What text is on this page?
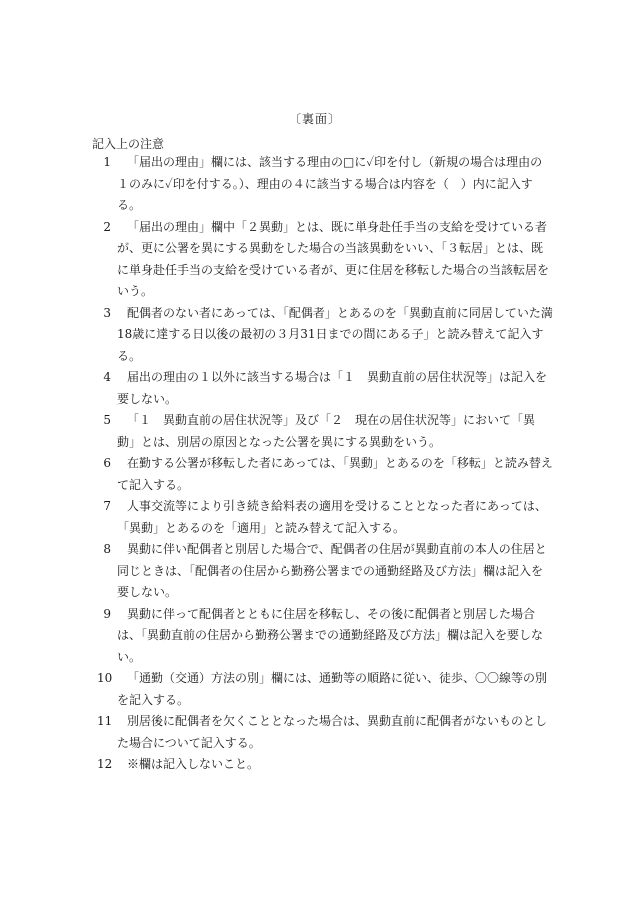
〔裏面〕
記入上の注意
1	「届出の理由」欄には、該当する理由の□に✓印を付し（新規の場合は理由の１のみに✓印を付する。）、理由の４に該当する場合は内容を（　）内に記入する。
2	「届出の理由」欄中「２異動」とは、既に単身赴任手当の支給を受けている者が、更に公署を異にする異動をした場合の当該異動をいい、「３転居」とは、既に単身赴任手当の支給を受けている者が、更に住居を移転した場合の当該転居をいう。
3	配偶者のない者にあっては、「配偶者」とあるのを「異動直前に同居していた満18歳に達する日以後の最初の３月31日までの間にある子」と読み替えて記入する。
4	届出の理由の１以外に該当する場合は「１　異動直前の居住状況等」は記入を要しない。
5	「１　異動直前の居住状況等」及び「２　現在の居住状況等」において「異動」とは、別居の原因となった公署を異にする異動をいう。
6	在勤する公署が移転した者にあっては、「異動」とあるのを「移転」と読み替えて記入する。
7	人事交流等により引き続き給料表の適用を受けることとなった者にあっては、「異動」とあるのを「適用」と読み替えて記入する。
8	異動に伴い配偶者と別居した場合で、配偶者の住居が異動直前の本人の住居と同じときは、「配偶者の住居から勤務公署までの通勤経路及び方法」欄は記入を要しない。
9	異動に伴って配偶者とともに住居を移転し、その後に配偶者と別居した場合は、「異動直前の住居から勤務公署までの通勤経路及び方法」欄は記入を要しない。
10	「通勤（交通）方法の別」欄には、通勤等の順路に従い、徒歩、〇〇線等の別を記入する。
11	別居後に配偶者を欠くこととなった場合は、異動直前に配偶者がないものとした場合について記入する。
12	※欄は記入しないこと。
